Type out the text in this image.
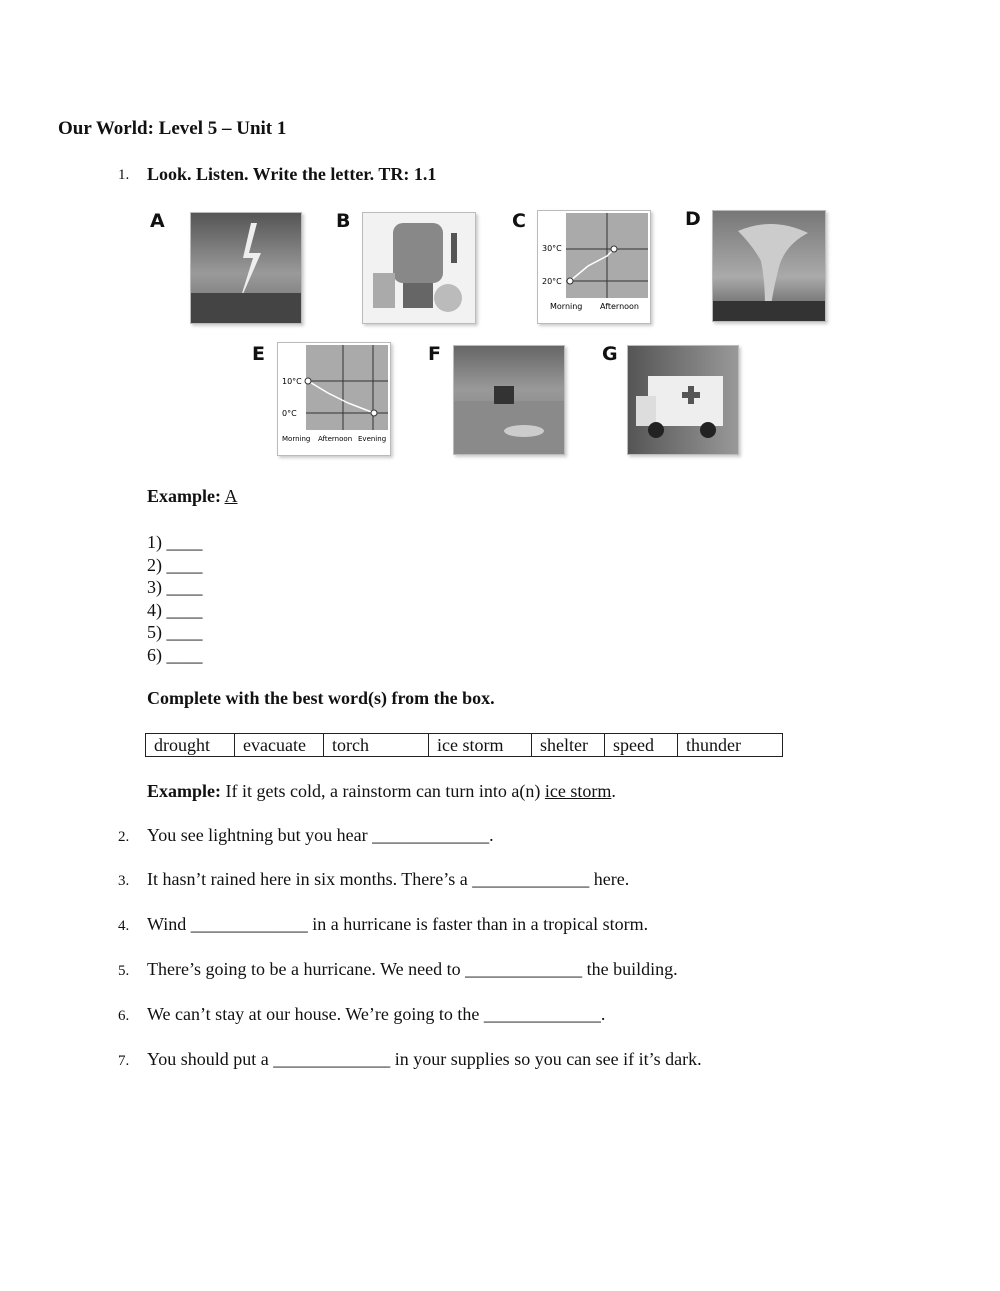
Our World: Level 5 – Unit 1
1. Look. Listen. Write the letter. TR: 1.1
A	B	C
30°C
20°C
Morning Afternoon
D
E
10°C
0°C
Morning Afternoon Evening
F	G
Example: A
1) ____
2) ____
3) ____
4) ____
5) ____
6) ____
Complete with the best word(s) from the box.
drought	evacuate	torch	ice storm	shelter	speed	thunder
Example: If it gets cold, a rainstorm can turn into a(n) ice storm.
2. You see lightning but you hear _____________.
3. It hasn’t rained here in six months. There’s a _____________ here.
4. Wind _____________ in a hurricane is faster than in a tropical storm.
5. There’s going to be a hurricane. We need to _____________ the building.
6. We can’t stay at our house. We’re going to the _____________.
7. You should put a _____________ in your supplies so you can see if it’s dark.
